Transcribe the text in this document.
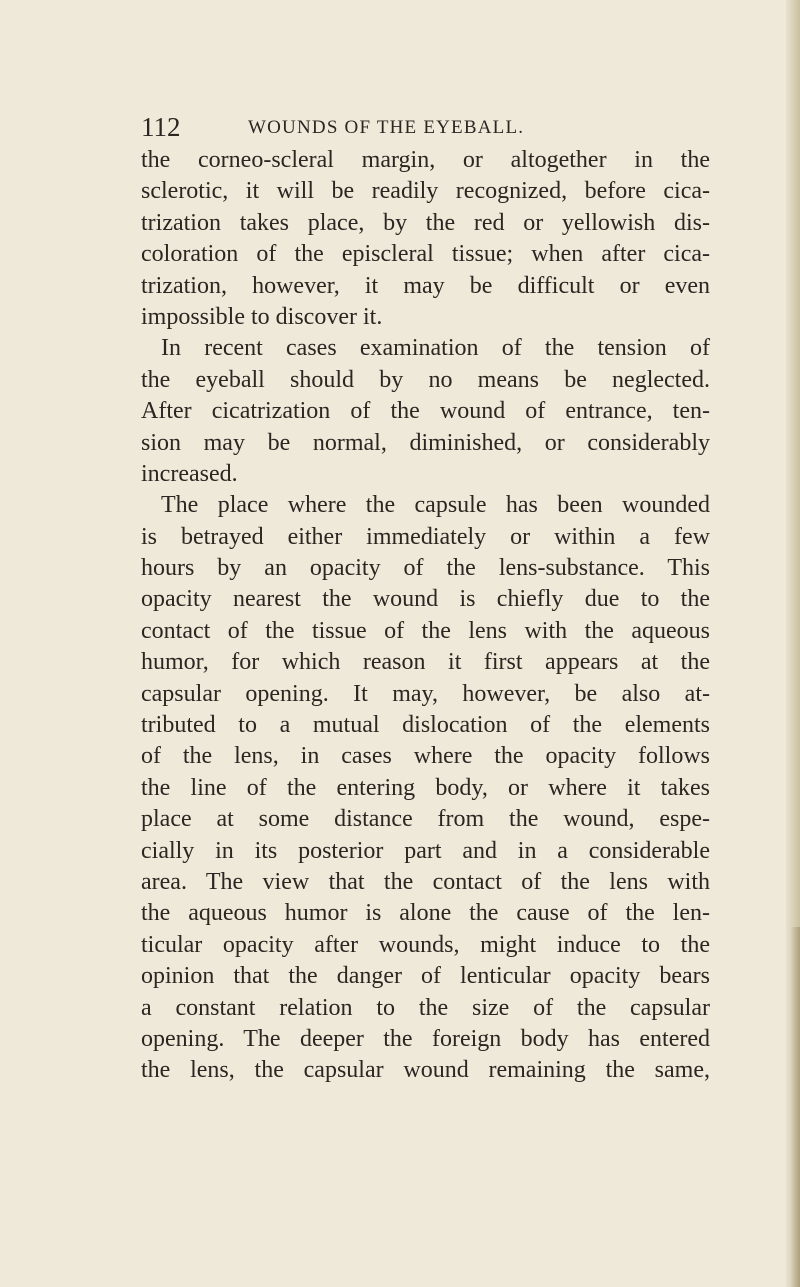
112	WOUNDS OF THE EYEBALL.
the corneo-scleral margin, or altogether in the
sclerotic, it will be readily recognized, before cica-
trization takes place, by the red or yellowish dis-
coloration of the episcleral tissue; when after cica-
trization, however, it may be difficult or even
impossible to discover it.
In recent cases examination of the tension of
the eyeball should by no means be neglected.
After cicatrization of the wound of entrance, ten-
sion may be normal, diminished, or considerably
increased.
The place where the capsule has been wounded
is betrayed either immediately or within a few
hours by an opacity of the lens-substance. This
opacity nearest the wound is chiefly due to the
contact of the tissue of the lens with the aqueous
humor, for which reason it first appears at the
capsular opening. It may, however, be also at-
tributed to a mutual dislocation of the elements
of the lens, in cases where the opacity follows
the line of the entering body, or where it takes
place at some distance from the wound, espe-
cially in its posterior part and in a considerable
area. The view that the contact of the lens with
the aqueous humor is alone the cause of the len-
ticular opacity after wounds, might induce to the
opinion that the danger of lenticular opacity bears
a constant relation to the size of the capsular
opening. The deeper the foreign body has entered
the lens, the capsular wound remaining the same,
